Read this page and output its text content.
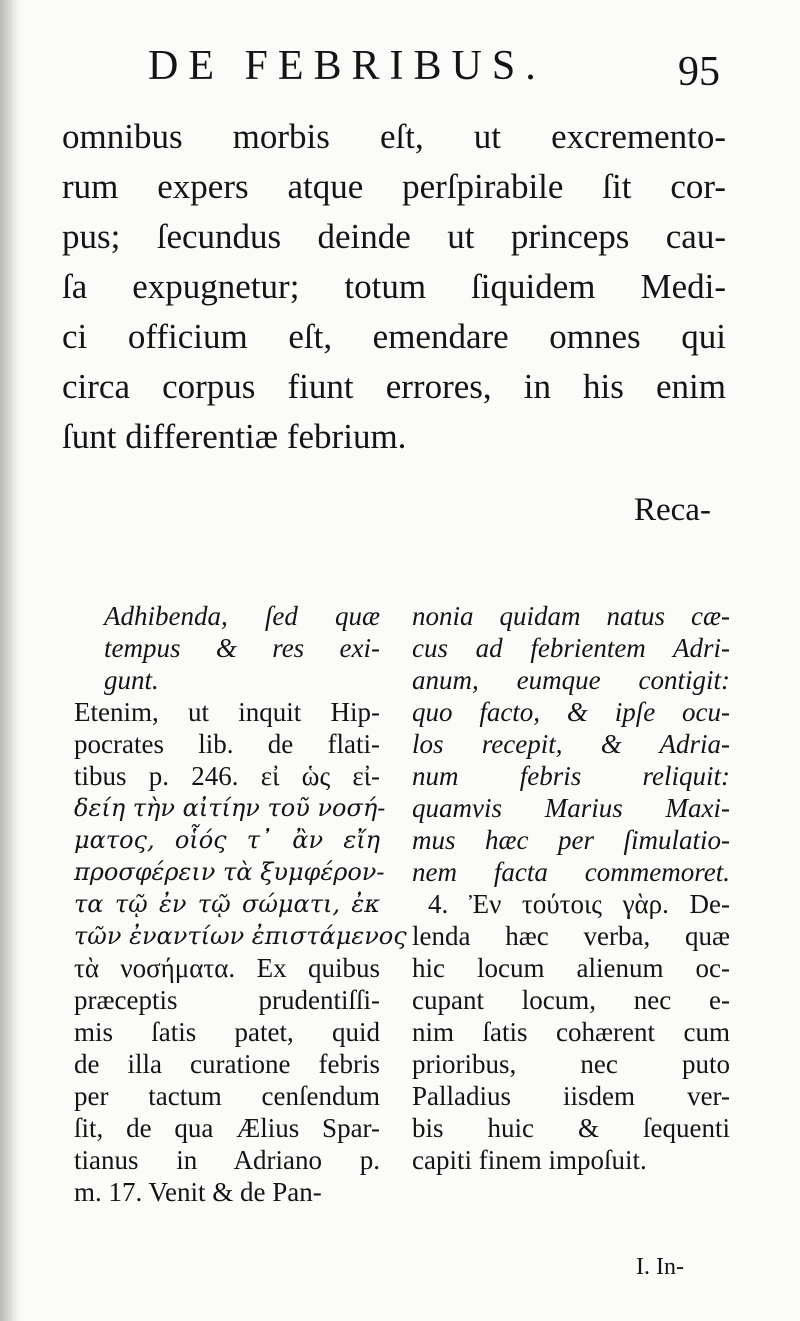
DE FEBRIBUS.	95
omnibus morbis eſt, ut excremento-
rum expers atque perſpirabile ſit cor-
pus; ſecundus deinde ut princeps cau-
ſa expugnetur; totum ſiquidem Medi-
ci officium eſt, emendare omnes qui
circa corpus fiunt errores, in his enim
ſunt differentiæ febrium.
Reca-
Adhibenda, ſed quæ
tempus & res exi-
gunt.
Etenim, ut inquit Hip-
pocrates lib. de flati-
tibus p. 246. εἰ ὡς εἰ-
δείη τὴν αἰτίην τοῦ νοσή-
ματος, οἷός τ᾽ ἂν εἴη
προσφέρειν τὰ ξυμφέρον-
τα τῷ ἐν τῷ σώματι, ἐκ
τῶν ἐναντίων ἐπιστάμενος
τὰ νοσήματα. Ex quibus
præceptis prudentiſſi-
mis ſatis patet, quid
de illa curatione febris
per tactum cenſendum
ſit, de qua Ælius Spar-
tianus in Adriano p.
m. 17. Venit & de Pan-
nonia quidam natus cæ-
cus ad febrientem Adri-
anum, eumque contigit:
quo facto, & ipſe ocu-
los recepit, & Adria-
num febris reliquit:
quamvis Marius Maxi-
mus hæc per ſimulatio-
nem facta commemoret.
4. Ἐν τούτοις γὰρ. De-
lenda hæc verba, quæ
hic locum alienum oc-
cupant locum, nec e-
nim ſatis cohærent cum
prioribus, nec puto
Palladius iisdem ver-
bis huic & ſequenti
capiti finem impoſuit.
I. In-
